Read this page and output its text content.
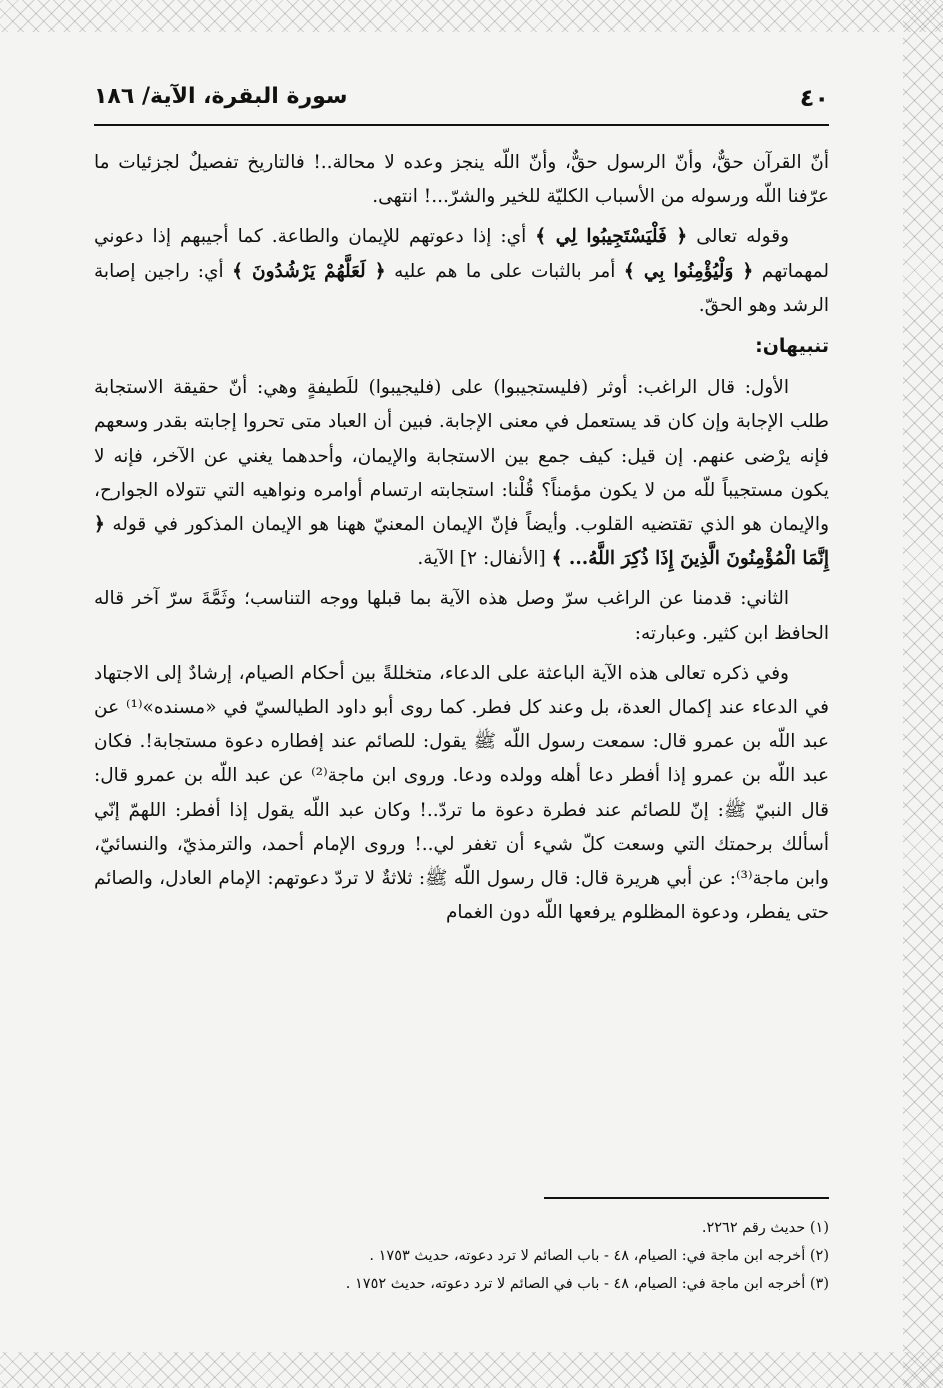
٤٠
سورة البقرة، الآية/ ١٨٦

أنّ القرآن حقٌّ، وأنّ الرسول حقٌّ، وأنّ اللّه ينجز وعده لا محالة..! فالتاريخ تفصيلٌ لجزئيات ما عرّفنا اللّه ورسوله من الأسباب الكليّة للخير والشرّ...! انتهى.

وقوله تعالى ﴿ فَلْيَسْتَجِيبُوا لِي ﴾ أي: إذا دعوتهم للإيمان والطاعة. كما أجيبهم إذا دعوني لمهماتهم ﴿ وَلْيُؤْمِنُوا بِي ﴾ أمر بالثبات على ما هم عليه ﴿ لَعَلَّهُمْ يَرْشُدُونَ ﴾ أي: راجين إصابة الرشد وهو الحقّ.

تنبيهان:

الأول: قال الراغب: أوثر (فليستجيبوا) على (فليجيبوا) للَطيفةٍ وهي: أنّ حقيقة الاستجابة طلب الإجابة وإن كان قد يستعمل في معنى الإجابة. فبين أن العباد متى تحروا إجابته بقدر وسعهم فإنه يرْضى عنهم. إن قيل: كيف جمع بين الاستجابة والإيمان، وأحدهما يغني عن الآخر، فإنه لا يكون مستجيباً للّه من لا يكون مؤمناً؟ قُلْنا: استجابته ارتسام أوامره ونواهيه التي تتولاه الجوارح، والإيمان هو الذي تقتضيه القلوب. وأيضاً فإنّ الإيمان المعنيّ ههنا هو الإيمان المذكور في قوله ﴿ إِنَّمَا الْمُؤْمِنُونَ الَّذِينَ إِذَا ذُكِرَ اللَّهُ... ﴾ [الأنفال: ٢] الآية.

الثاني: قدمنا عن الراغب سرّ وصل هذه الآية بما قبلها ووجه التناسب؛ وثَمَّةَ سرّ آخر قاله الحافظ ابن كثير. وعبارته:

وفي ذكره تعالى هذه الآية الباعثة على الدعاء، متخللةً بين أحكام الصيام، إرشادٌ إلى الاجتهاد في الدعاء عند إكمال العدة، بل وعند كل فطر. كما روى أبو داود الطيالسيّ في «مسنده»⁽¹⁾ عن عبد اللّه بن عمرو قال: سمعت رسول اللّه ﷺ يقول: للصائم عند إفطاره دعوة مستجابة!. فكان عبد اللّه بن عمرو إذا أفطر دعا أهله وولده ودعا. وروى ابن ماجة⁽²⁾ عن عبد اللّه بن عمرو قال: قال النبيّ ﷺ: إنّ للصائم عند فطرة دعوة ما تردّ..! وكان عبد اللّه يقول إذا أفطر: اللهمّ إنّي أسألك برحمتك التي وسعت كلّ شيء أن تغفر لي..! وروى الإمام أحمد، والترمذيّ، والنسائيّ، وابن ماجة⁽³⁾: عن أبي هريرة قال: قال رسول اللّه ﷺ: ثلاثةٌ لا تردّ دعوتهم: الإمام العادل، والصائم حتى يفطر، ودعوة المظلوم يرفعها اللّه دون الغمام

(١) حديث رقم ٢٢٦٢.
(٢) أخرجه ابن ماجة في: الصيام، ٤٨ - باب الصائم لا ترد دعوته، حديث ١٧٥٣ .
(٣) أخرجه ابن ماجة في: الصيام، ٤٨ - باب في الصائم لا ترد دعوته، حديث ١٧٥٢ .
